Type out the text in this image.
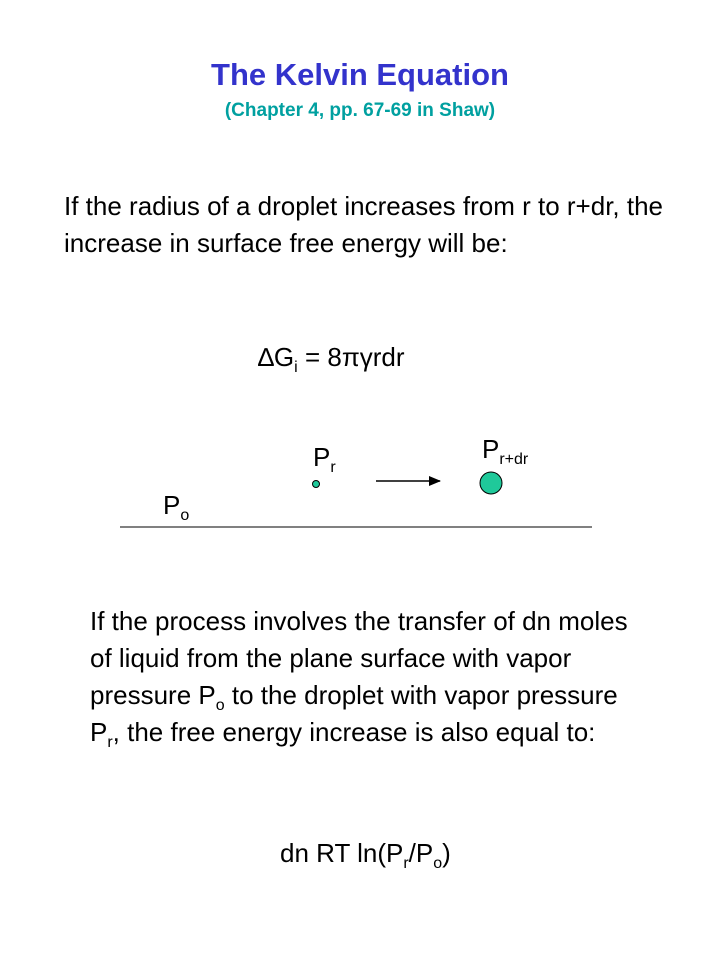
The Kelvin Equation
(Chapter 4, pp. 67-69 in Shaw)
If the radius of a droplet increases from r to r+dr, the increase in surface free energy will be:
$\Delta G_i = 8\pi\gamma rdr$
$P_r$
$P_{r+dr}$
$P_o$
If the process involves the transfer of dn moles of liquid from the plane surface with vapor pressure $P_o$ to the droplet with vapor pressure $P_r$, the free energy increase is also equal to:
dn RT $\ln(P_r/P_o)$
